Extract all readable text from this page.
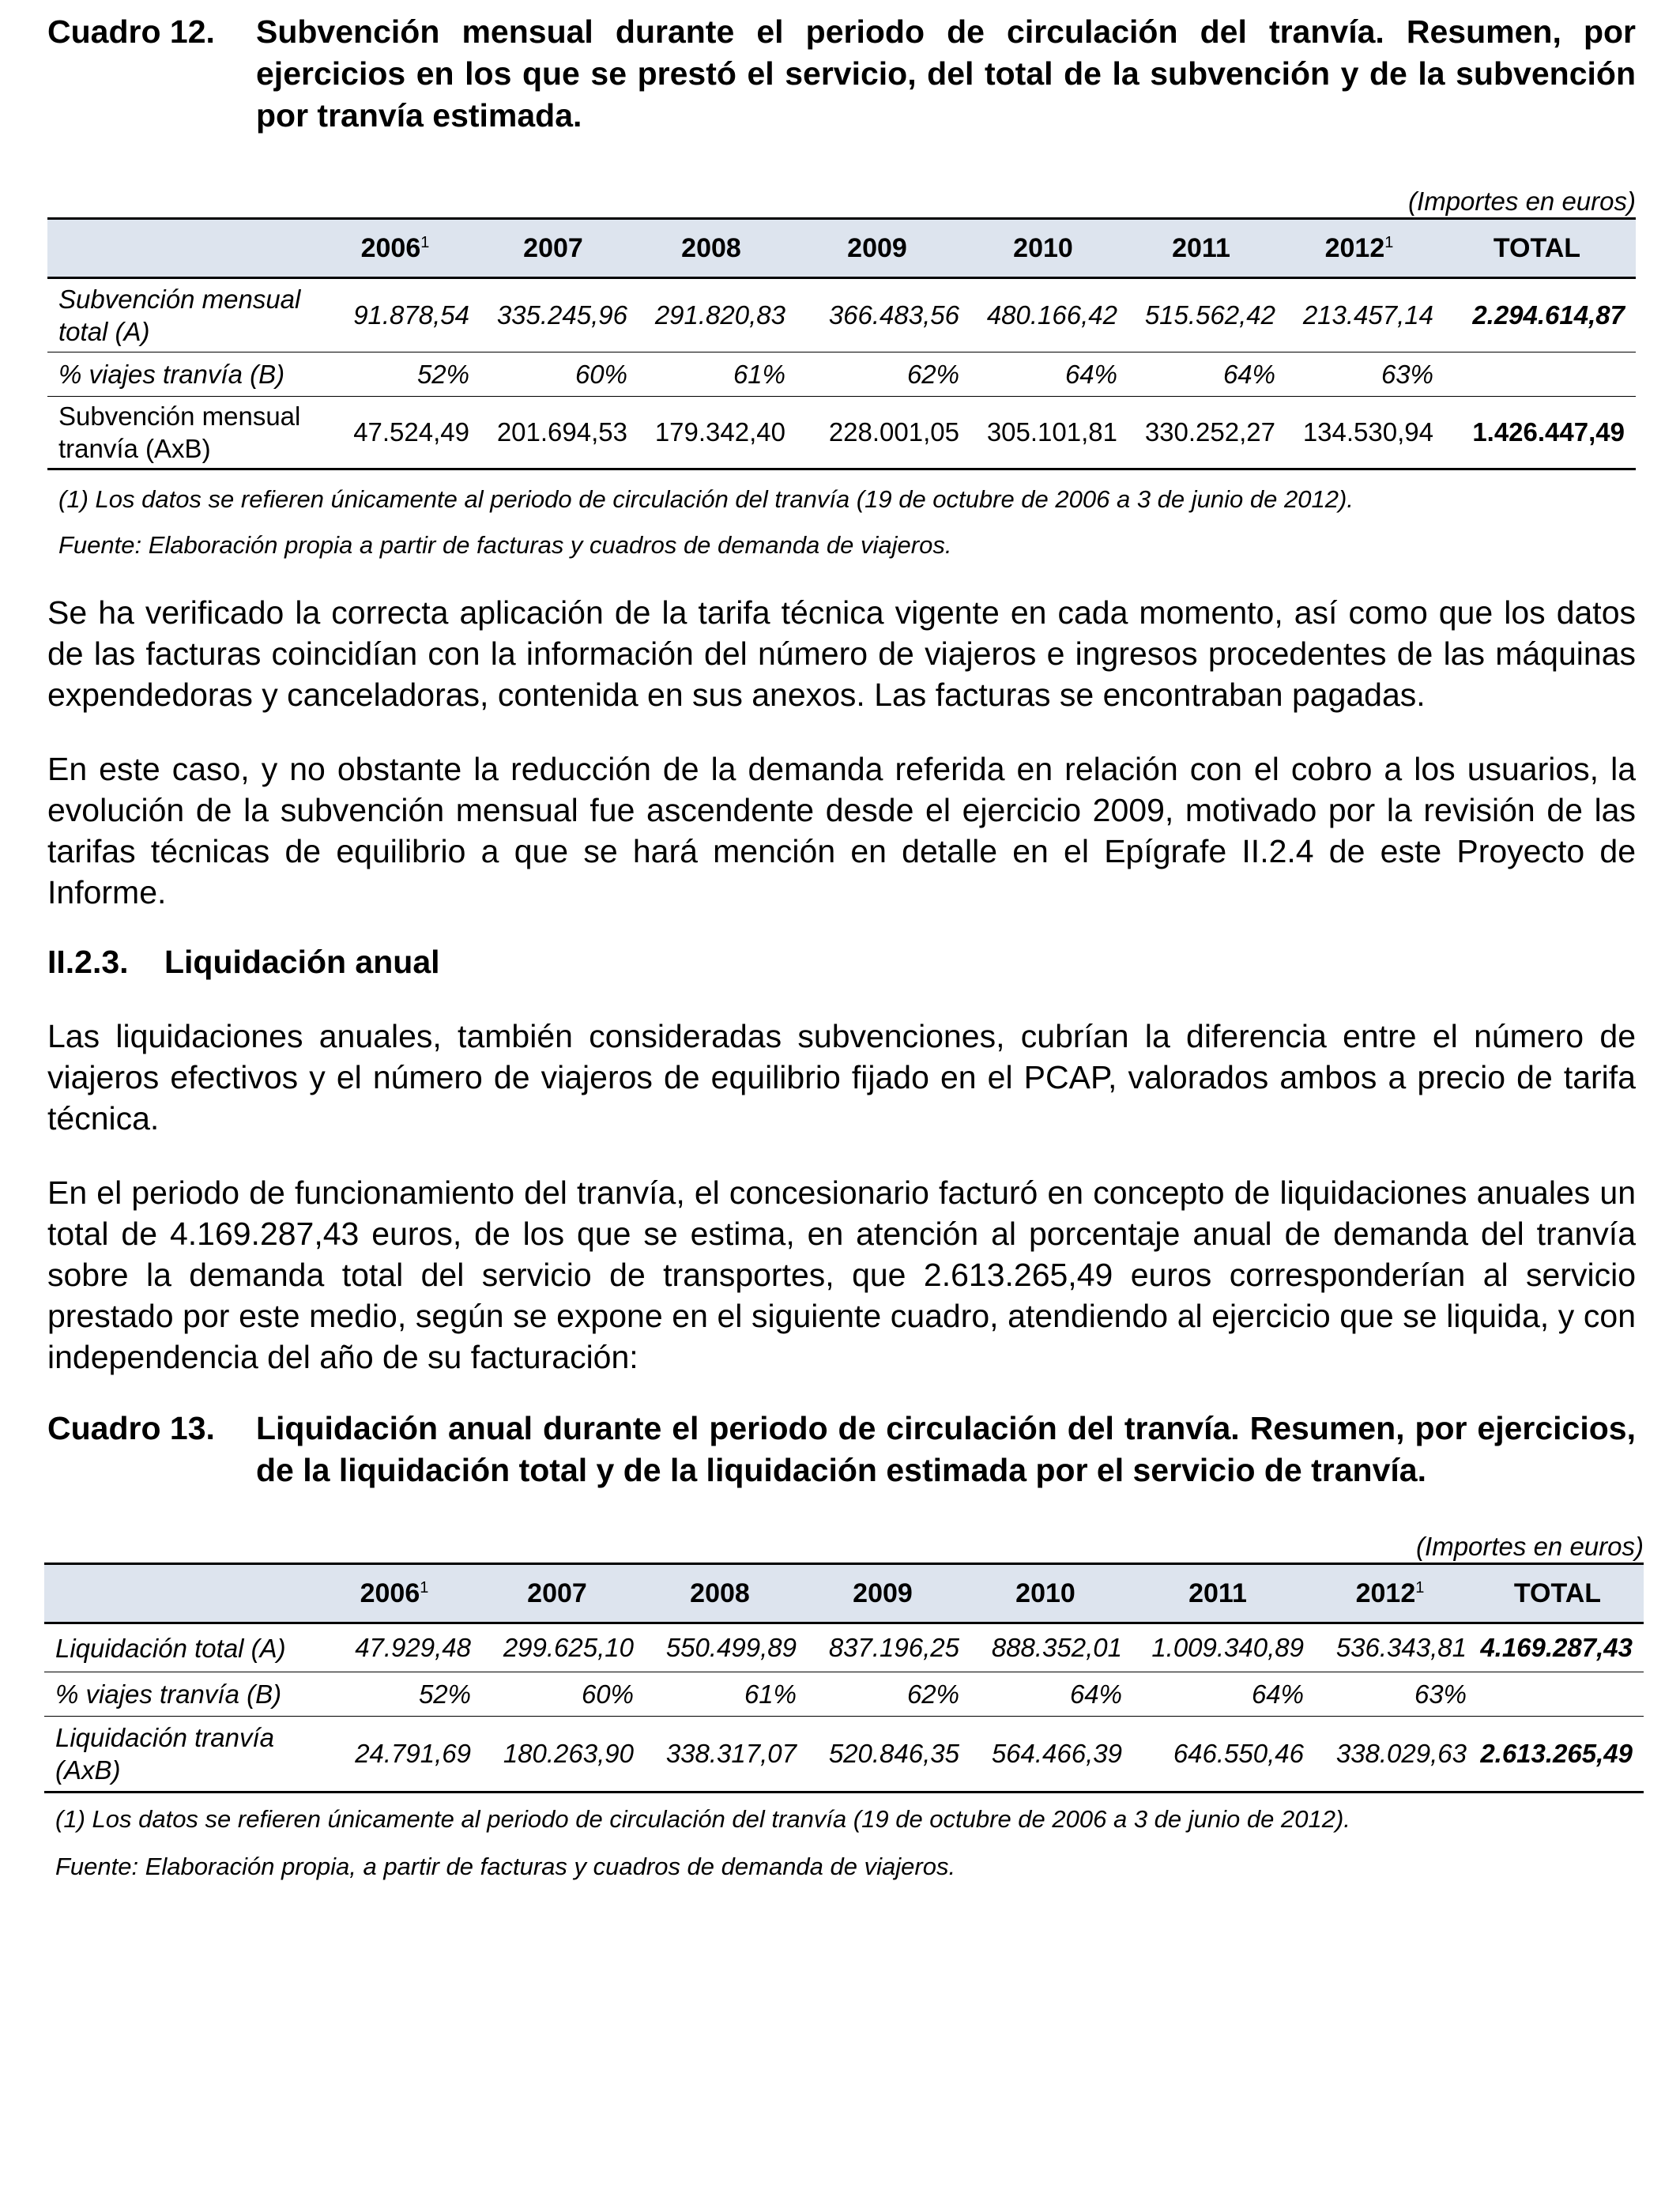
Cuadro 12.	Subvención mensual durante el periodo de circulación del tranvía. Resumen, por ejercicios en los que se prestó el servicio, del total de la subvención y de la subvención por tranvía estimada.
(Importes en euros)
	2006$^1$	2007	2008	2009	2010	2011	2012$^1$	TOTAL
Subvención mensual total (A)	91.878,54	335.245,96	291.820,83	366.483,56	480.166,42	515.562,42	213.457,14	2.294.614,87
% viajes tranvía (B)	52%	60%	61%	62%	64%	64%	63%	
Subvención mensual tranvía (AxB)	47.524,49	201.694,53	179.342,40	228.001,05	305.101,81	330.252,27	134.530,94	1.426.447,49
(1) Los datos se refieren únicamente al periodo de circulación del tranvía (19 de octubre de 2006 a 3 de junio de 2012).
Fuente: Elaboración propia a partir de facturas y cuadros de demanda de viajeros.

Se ha verificado la correcta aplicación de la tarifa técnica vigente en cada momento, así como que los datos de las facturas coincidían con la información del número de viajeros e ingresos procedentes de las máquinas expendedoras y canceladoras, contenida en sus anexos. Las facturas se encontraban pagadas.

En este caso, y no obstante la reducción de la demanda referida en relación con el cobro a los usuarios, la evolución de la subvención mensual fue ascendente desde el ejercicio 2009, motivado por la revisión de las tarifas técnicas de equilibrio a que se hará mención en detalle en el Epígrafe II.2.4 de este Proyecto de Informe.

II.2.3.	Liquidación anual

Las liquidaciones anuales, también consideradas subvenciones, cubrían la diferencia entre el número de viajeros efectivos y el número de viajeros de equilibrio fijado en el PCAP, valorados ambos a precio de tarifa técnica.

En el periodo de funcionamiento del tranvía, el concesionario facturó en concepto de liquidaciones anuales un total de 4.169.287,43 euros, de los que se estima, en atención al porcentaje anual de demanda del tranvía sobre la demanda total del servicio de transportes, que 2.613.265,49 euros corresponderían al servicio prestado por este medio, según se expone en el siguiente cuadro, atendiendo al ejercicio que se liquida, y con independencia del año de su facturación:

Cuadro 13.	Liquidación anual durante el periodo de circulación del tranvía. Resumen, por ejercicios, de la liquidación total y de la liquidación estimada por el servicio de tranvía.
(Importes en euros)
	2006$^1$	2007	2008	2009	2010	2011	2012$^1$	TOTAL
Liquidación total (A)	47.929,48	299.625,10	550.499,89	837.196,25	888.352,01	1.009.340,89	536.343,81	4.169.287,43
% viajes tranvía (B)	52%	60%	61%	62%	64%	64%	63%	
Liquidación tranvía (AxB)	24.791,69	180.263,90	338.317,07	520.846,35	564.466,39	646.550,46	338.029,63	2.613.265,49
(1) Los datos se refieren únicamente al periodo de circulación del tranvía (19 de octubre de 2006 a 3 de junio de 2012).
Fuente: Elaboración propia, a partir de facturas y cuadros de demanda de viajeros.
